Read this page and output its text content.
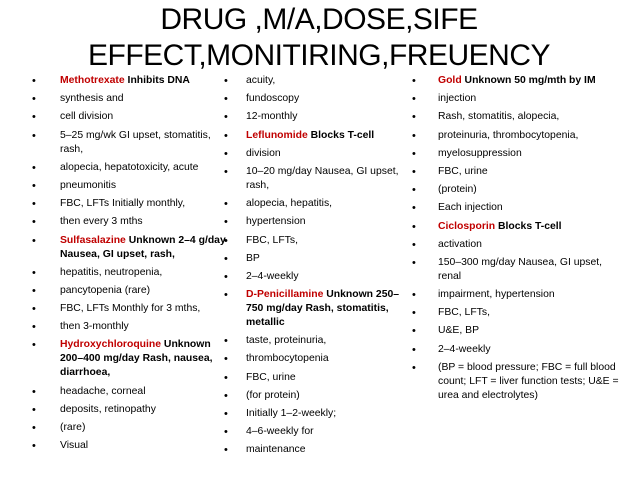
DRUG ,M/A,DOSE,SIFE
EFFECT,MONITIRING,FREUENCY
• Methotrexate Inhibits DNA
• synthesis and
• cell division
• 5–25 mg/wk GI upset, stomatitis, rash,
• alopecia, hepatotoxicity, acute
• pneumonitis
• FBC, LFTs Initially monthly,
• then every 3 mths
• Sulfasalazine Unknown 2–4 g/day Nausea, GI upset, rash,
• hepatitis, neutropenia,
• pancytopenia (rare)
• FBC, LFTs Monthly for 3 mths,
• then 3-monthly
• Hydroxychloroquine Unknown 200–400 mg/day Rash, nausea, diarrhoea,
• headache, corneal
• deposits, retinopathy
• (rare)
• Visual
• acuity,
• fundoscopy
• 12-monthly
• Leflunomide Blocks T-cell
• division
• 10–20 mg/day Nausea, GI upset, rash,
• alopecia, hepatitis,
• hypertension
• FBC, LFTs,
• BP
• 2–4-weekly
• D-Penicillamine Unknown 250–750 mg/day Rash, stomatitis, metallic
• taste, proteinuria,
• thrombocytopenia
• FBC, urine
• (for protein)
• Initially 1–2-weekly;
• 4–6-weekly for
• maintenance
• Gold Unknown 50 mg/mth by IM
• injection
• Rash, stomatitis, alopecia,
• proteinuria, thrombocytopenia,
• myelosuppression
• FBC, urine
• (protein)
• Each injection
• Ciclosporin Blocks T-cell
• activation
• 150–300 mg/day Nausea, GI upset, renal
• impairment, hypertension
• FBC, LFTs,
• U&E, BP
• 2–4-weekly
• (BP = blood pressure; FBC = full blood count; LFT = liver function tests; U&E = urea and electrolytes)
